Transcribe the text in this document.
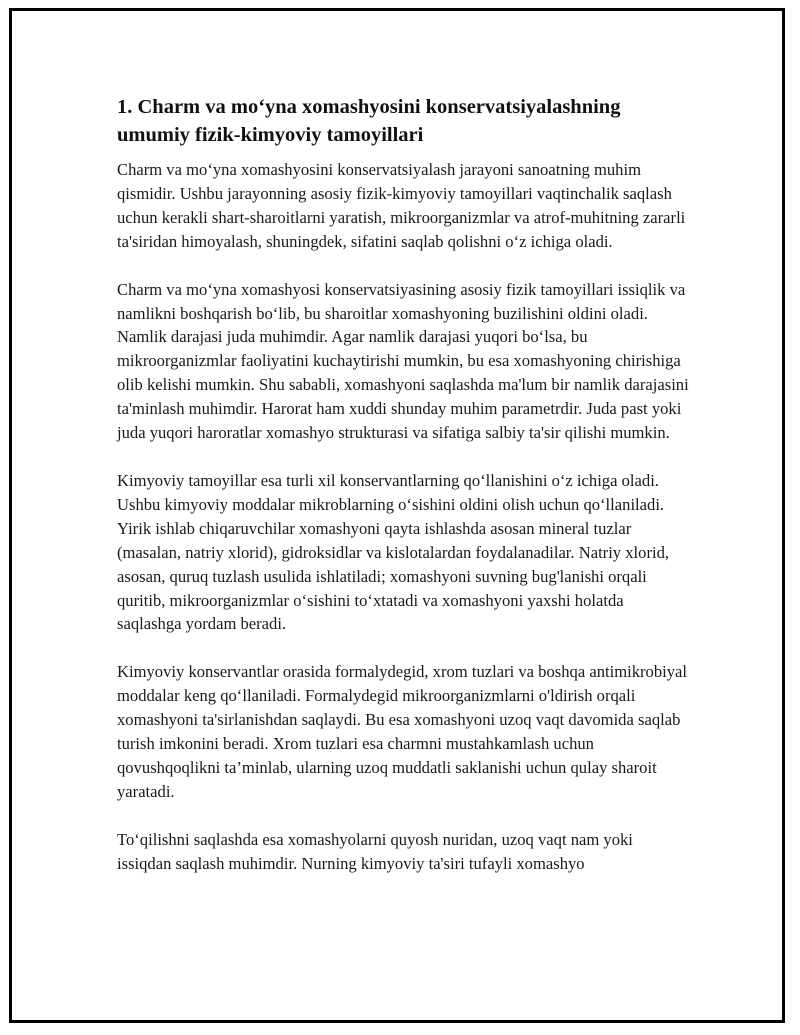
1. Charm va mo‘yna xomashyosini konservatsiyalashning umumiy fizik-kimyoviy tamoyillari

Charm va mo‘yna xomashyosini konservatsiyalash jarayoni sanoatning muhim qismidir. Ushbu jarayonning asosiy fizik-kimyoviy tamoyillari vaqtinchalik saqlash uchun kerakli shart-sharoitlarni yaratish, mikroorganizmlar va atrof-muhitning zararli ta'siridan himoyalash, shuningdek, sifatini saqlab qolishni o‘z ichiga oladi.

Charm va mo‘yna xomashyosi konservatsiyasining asosiy fizik tamoyillari issiqlik va namlikni boshqarish bo‘lib, bu sharoitlar xomashyoning buzilishini oldini oladi. Namlik darajasi juda muhimdir. Agar namlik darajasi yuqori bo‘lsa, bu mikroorganizmlar faoliyatini kuchaytirishi mumkin, bu esa xomashyoning chirishiga olib kelishi mumkin. Shu sababli, xomashyoni saqlashda ma'lum bir namlik darajasini ta'minlash muhimdir. Harorat ham xuddi shunday muhim parametrdir. Juda past yoki juda yuqori haroratlar xomashyo strukturasi va sifatiga salbiy ta'sir qilishi mumkin.

Kimyoviy tamoyillar esa turli xil konservantlarning qo‘llanishini o‘z ichiga oladi. Ushbu kimyoviy moddalar mikroblarning o‘sishini oldini olish uchun qo‘llaniladi. Yirik ishlab chiqaruvchilar xomashyoni qayta ishlashda asosan mineral tuzlar (masalan, natriy xlorid), gidroksidlar va kislotalardan foydalanadilar. Natriy xlorid, asosan, quruq tuzlash usulida ishlatiladi; xomashyoni suvning bug'lanishi orqali quritib, mikroorganizmlar o‘sishini to‘xtatadi va xomashyoni yaxshi holatda saqlashga yordam beradi.

Kimyoviy konservantlar orasida formalydegid, xrom tuzlari va boshqa antimikrobiyal moddalar keng qo‘llaniladi. Formalydegid mikroorganizmlarni o'ldirish orqali xomashyoni ta'sirlanishdan saqlaydi. Bu esa xomashyoni uzoq vaqt davomida saqlab turish imkonini beradi. Xrom tuzlari esa charmni mustahkamlash uchun qovushqoqlikni ta’minlab, ularning uzoq muddatli saklanishi uchun qulay sharoit yaratadi.

To‘qilishni saqlashda esa xomashyolarni quyosh nuridan, uzoq vaqt nam yoki issiqdan saqlash muhimdir. Nurning kimyoviy ta'siri tufayli xomashyo
